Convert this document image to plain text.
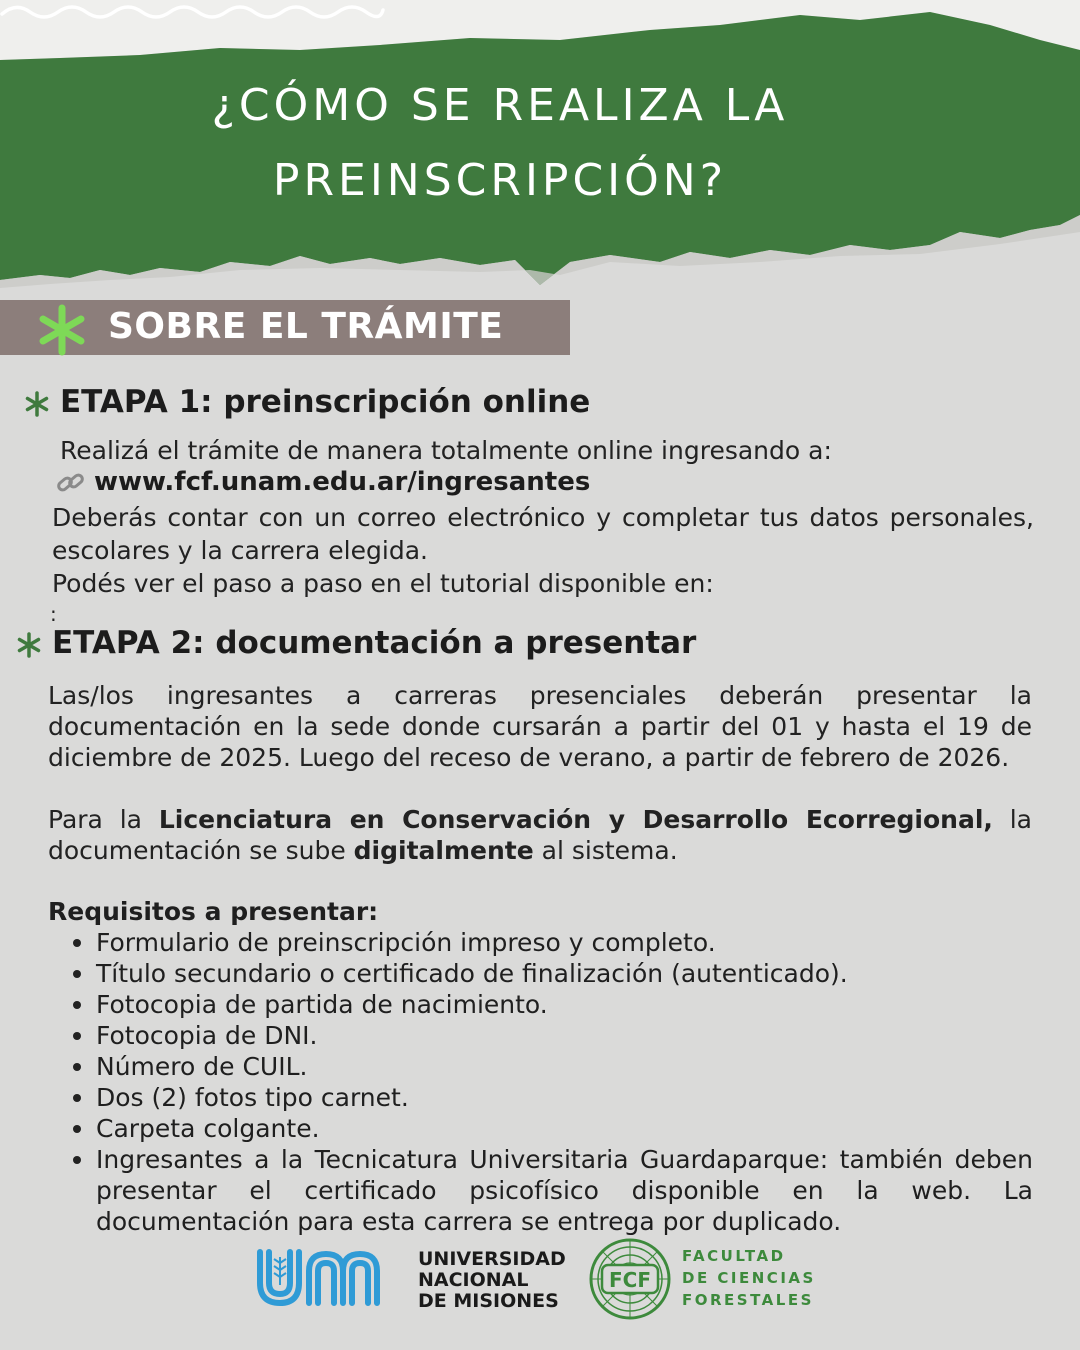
¿CÓMO SE REALIZA LA
PREINSCRIPCIÓN?
SOBRE EL TRÁMITE
ETAPA 1: preinscripción online
Realizá el trámite de manera totalmente online ingresando a:
www.fcf.unam.edu.ar/ingresantes
Deberás contar con un correo electrónico y completar tus datos personales, escolares y la carrera elegida.
Podés ver el paso a paso en el tutorial disponible en:
:
ETAPA 2: documentación a presentar
Las/los ingresantes a carreras presenciales deberán presentar la documentación en la sede donde cursarán a partir del 01 y hasta el 19 de diciembre de 2025. Luego del receso de verano, a partir de febrero de 2026.
Para la Licenciatura en Conservación y Desarrollo Ecorregional, la documentación se sube digitalmente al sistema.
Requisitos a presentar:
Formulario de preinscripción impreso y completo.
Título secundario o certificado de finalización (autenticado).
Fotocopia de partida de nacimiento.
Fotocopia de DNI.
Número de CUIL.
Dos (2) fotos tipo carnet.
Carpeta colgante.
Ingresantes a la Tecnicatura Universitaria Guardaparque: también deben presentar el certificado psicofísico disponible en la web. La documentación para esta carrera se entrega por duplicado.
UNIVERSIDAD
NACIONAL
DE MISIONES
FCF
FACULTAD
DE CIENCIAS
FORESTALES
